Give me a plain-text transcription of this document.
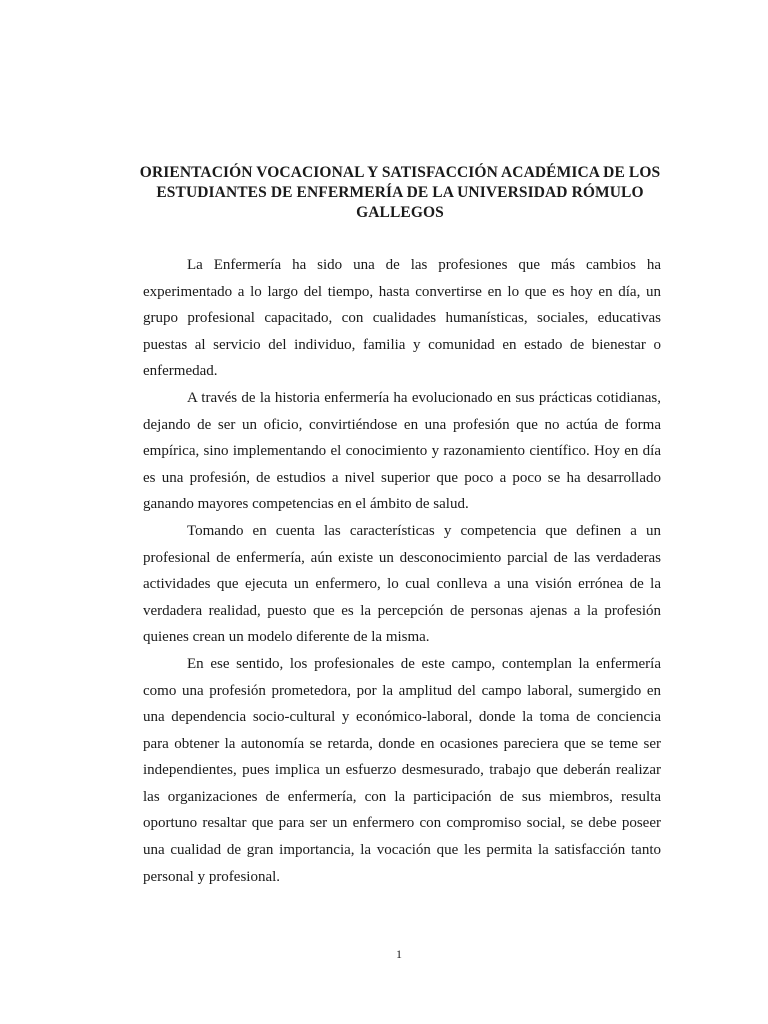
ORIENTACIÓN VOCACIONAL Y SATISFACCIÓN ACADÉMICA DE LOS ESTUDIANTES DE ENFERMERÍA DE LA UNIVERSIDAD RÓMULO GALLEGOS

La Enfermería ha sido una de las profesiones que más cambios ha experimentado a lo largo del tiempo, hasta convertirse en lo que es hoy en día, un grupo profesional capacitado, con cualidades humanísticas, sociales, educativas puestas al servicio del individuo, familia y comunidad en estado de bienestar o enfermedad.

A través de la historia enfermería ha evolucionado en sus prácticas cotidianas, dejando de ser un oficio, convirtiéndose en una profesión que no actúa de forma empírica, sino implementando el conocimiento y razonamiento científico. Hoy en día es una profesión, de estudios a nivel superior que poco a poco se ha desarrollado ganando mayores competencias en el ámbito de salud.

Tomando en cuenta las características y competencia que definen a un profesional de enfermería, aún existe un desconocimiento parcial de las verdaderas actividades que ejecuta un enfermero, lo cual conlleva a una visión errónea de la verdadera realidad, puesto que es la percepción de personas ajenas a la profesión quienes crean un modelo diferente de la misma.

En ese sentido, los profesionales de este campo, contemplan la enfermería como una profesión prometedora, por la amplitud del campo laboral, sumergido en una dependencia socio-cultural y económico-laboral, donde la toma de conciencia para obtener la autonomía se retarda, donde en ocasiones pareciera que se teme ser independientes, pues implica un esfuerzo desmesurado, trabajo que deberán realizar las organizaciones de enfermería, con la participación de sus miembros, resulta oportuno resaltar que para ser un enfermero con compromiso social, se debe poseer una cualidad de gran importancia, la vocación que les permita la satisfacción tanto personal y profesional.

1
